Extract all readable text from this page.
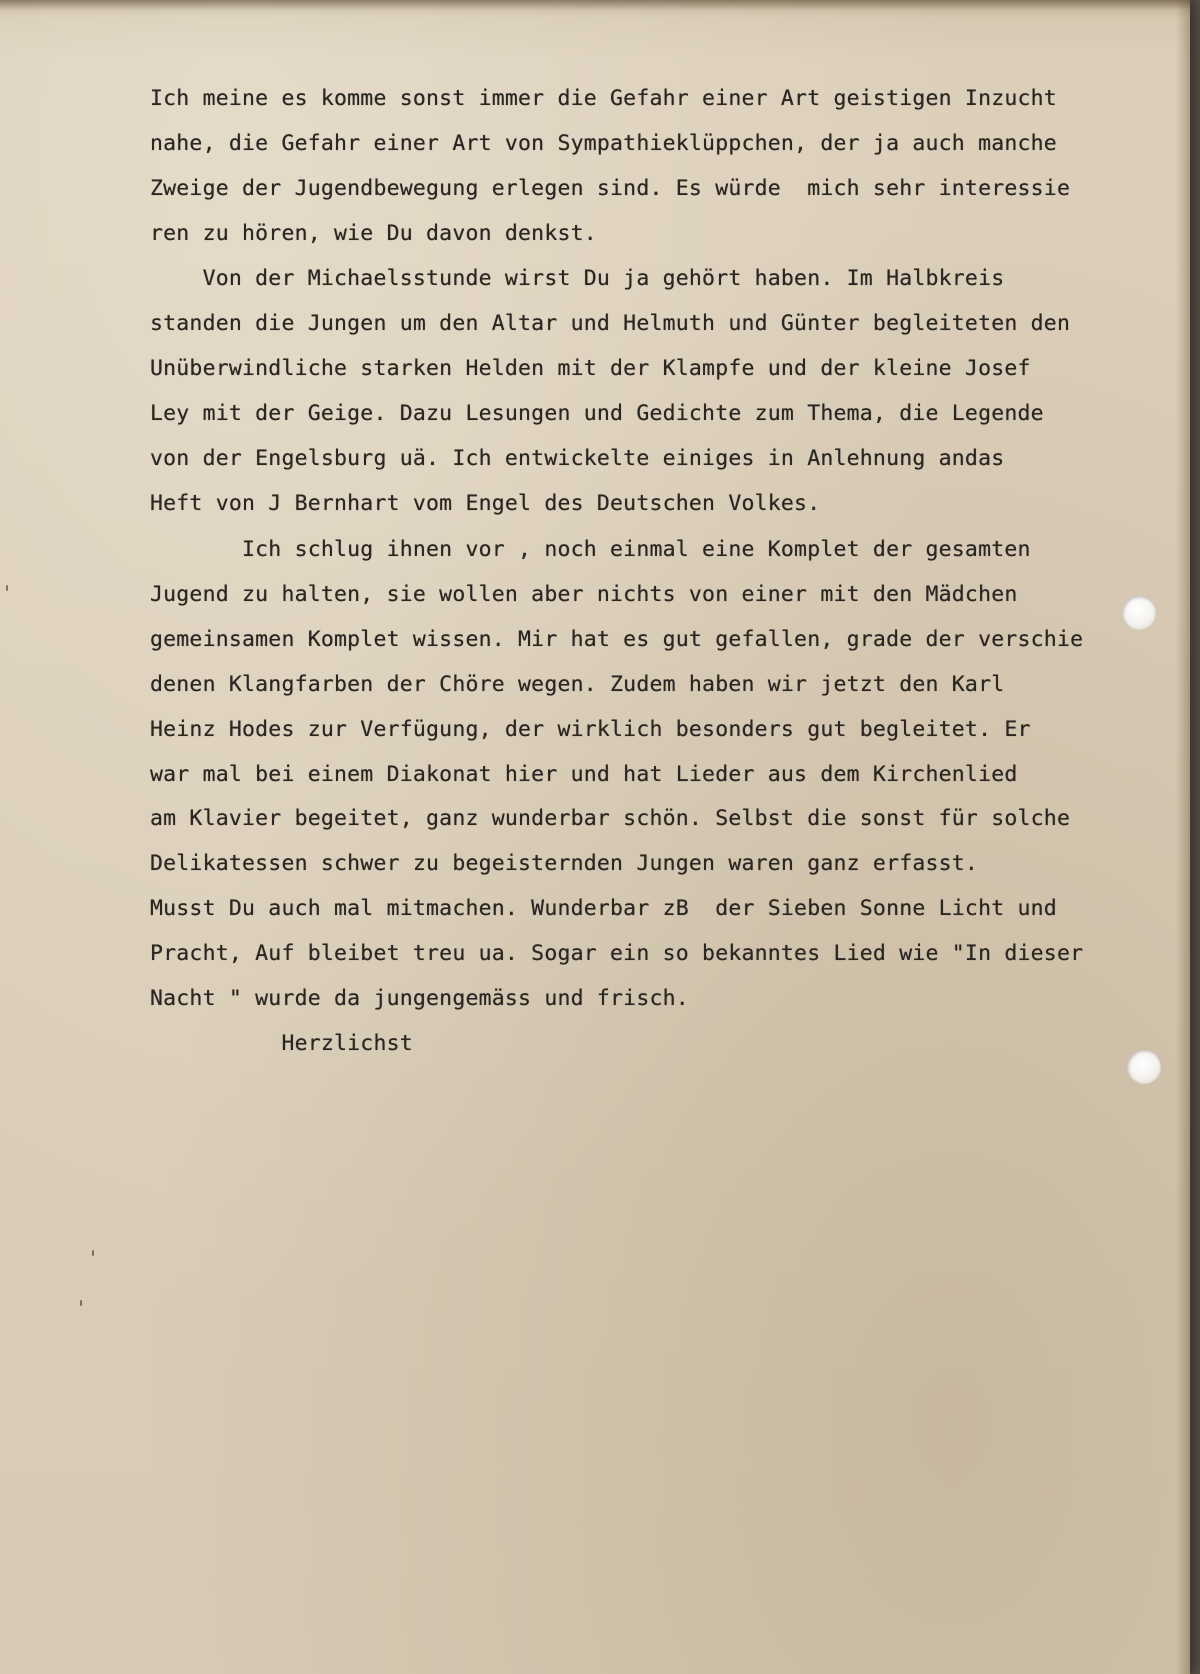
Ich meine es komme sonst immer die Gefahr einer Art geistigen Inzucht
nahe, die Gefahr einer Art von Sympathieklüppchen, der ja auch manche
Zweige der Jugendbewegung erlegen sind. Es würde  mich sehr interessie
ren zu hören, wie Du davon denkst.
Von der Michaelsstunde wirst Du ja gehört haben. Im Halbkreis
standen die Jungen um den Altar und Helmuth und Günter begleiteten den
Unüberwindliche starken Helden mit der Klampfe und der kleine Josef
Ley mit der Geige. Dazu Lesungen und Gedichte zum Thema, die Legende
von der Engelsburg uä. Ich entwickelte einiges in Anlehnung andas
Heft von J Bernhart vom Engel des Deutschen Volkes.
Ich schlug ihnen vor , noch einmal eine Komplet der gesamten
Jugend zu halten, sie wollen aber nichts von einer mit den Mädchen
gemeinsamen Komplet wissen. Mir hat es gut gefallen, grade der verschie
denen Klangfarben der Chöre wegen. Zudem haben wir jetzt den Karl
Heinz Hodes zur Verfügung, der wirklich besonders gut begleitet. Er
war mal bei einem Diakonat hier und hat Lieder aus dem Kirchenlied
am Klavier begeitet, ganz wunderbar schön. Selbst die sonst für solche
Delikatessen schwer zu begeisternden Jungen waren ganz erfasst.
Musst Du auch mal mitmachen. Wunderbar zB  der Sieben Sonne Licht und
Pracht, Auf bleibet treu ua. Sogar ein so bekanntes Lied wie "In dieser
Nacht " wurde da jungengemäss und frisch.
Herzlichst
